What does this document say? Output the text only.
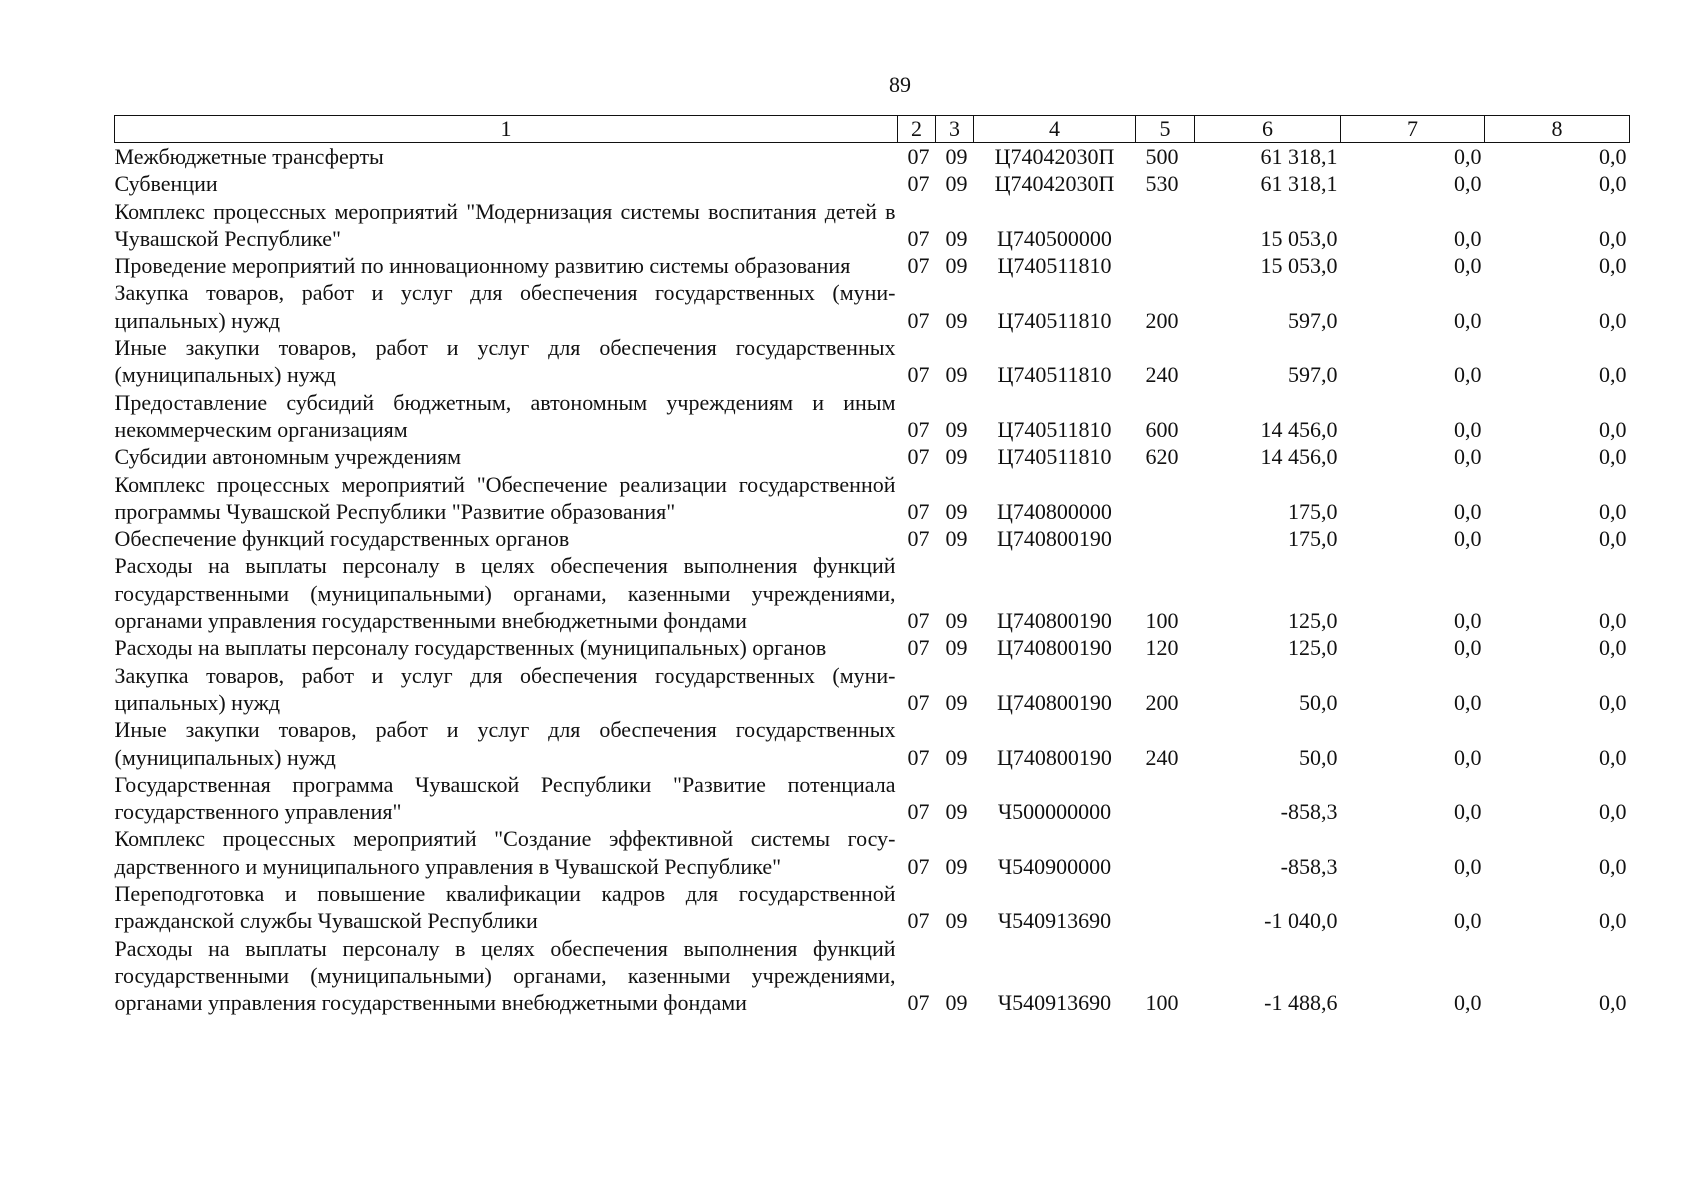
89
1	2	3	4	5	6	7	8
Межбюджетные трансферты	07	09	Ц74042030П	500	61 318,1	0,0	0,0
Субвенции	07	09	Ц74042030П	530	61 318,1	0,0	0,0
Комплекс процессных мероприятий "Модернизация системы воспитания детей в Чувашской Республике"	07	09	Ц740500000		15 053,0	0,0	0,0
Проведение мероприятий по инновационному развитию системы образования	07	09	Ц740511810		15 053,0	0,0	0,0
Закупка товаров, работ и услуг для обеспечения государственных (муниципальных) нужд	07	09	Ц740511810	200	597,0	0,0	0,0
Иные закупки товаров, работ и услуг для обеспечения государственных (муниципальных) нужд	07	09	Ц740511810	240	597,0	0,0	0,0
Предоставление субсидий бюджетным, автономным учреждениям и иным некоммерческим организациям	07	09	Ц740511810	600	14 456,0	0,0	0,0
Субсидии автономным учреждениям	07	09	Ц740511810	620	14 456,0	0,0	0,0
Комплекс процессных мероприятий "Обеспечение реализации государственной программы Чувашской Республики "Развитие образования"	07	09	Ц740800000		175,0	0,0	0,0
Обеспечение функций государственных органов	07	09	Ц740800190		175,0	0,0	0,0
Расходы на выплаты персоналу в целях обеспечения выполнения функций государственными (муниципальными) органами, казенными учреждениями, органами управления государственными внебюджетными фондами	07	09	Ц740800190	100	125,0	0,0	0,0
Расходы на выплаты персоналу государственных (муниципальных) органов	07	09	Ц740800190	120	125,0	0,0	0,0
Закупка товаров, работ и услуг для обеспечения государственных (муниципальных) нужд	07	09	Ц740800190	200	50,0	0,0	0,0
Иные закупки товаров, работ и услуг для обеспечения государственных (муниципальных) нужд	07	09	Ц740800190	240	50,0	0,0	0,0
Государственная программа Чувашской Республики "Развитие потенциала государственного управления"	07	09	Ч500000000		-858,3	0,0	0,0
Комплекс процессных мероприятий "Создание эффективной системы государственного и муниципального управления в Чувашской Республике"	07	09	Ч540900000		-858,3	0,0	0,0
Переподготовка и повышение квалификации кадров для государственной гражданской службы Чувашской Республики	07	09	Ч540913690		-1 040,0	0,0	0,0
Расходы на выплаты персоналу в целях обеспечения выполнения функций государственными (муниципальными) органами, казенными учреждениями, органами управления государственными внебюджетными фондами	07	09	Ч540913690	100	-1 488,6	0,0	0,0
